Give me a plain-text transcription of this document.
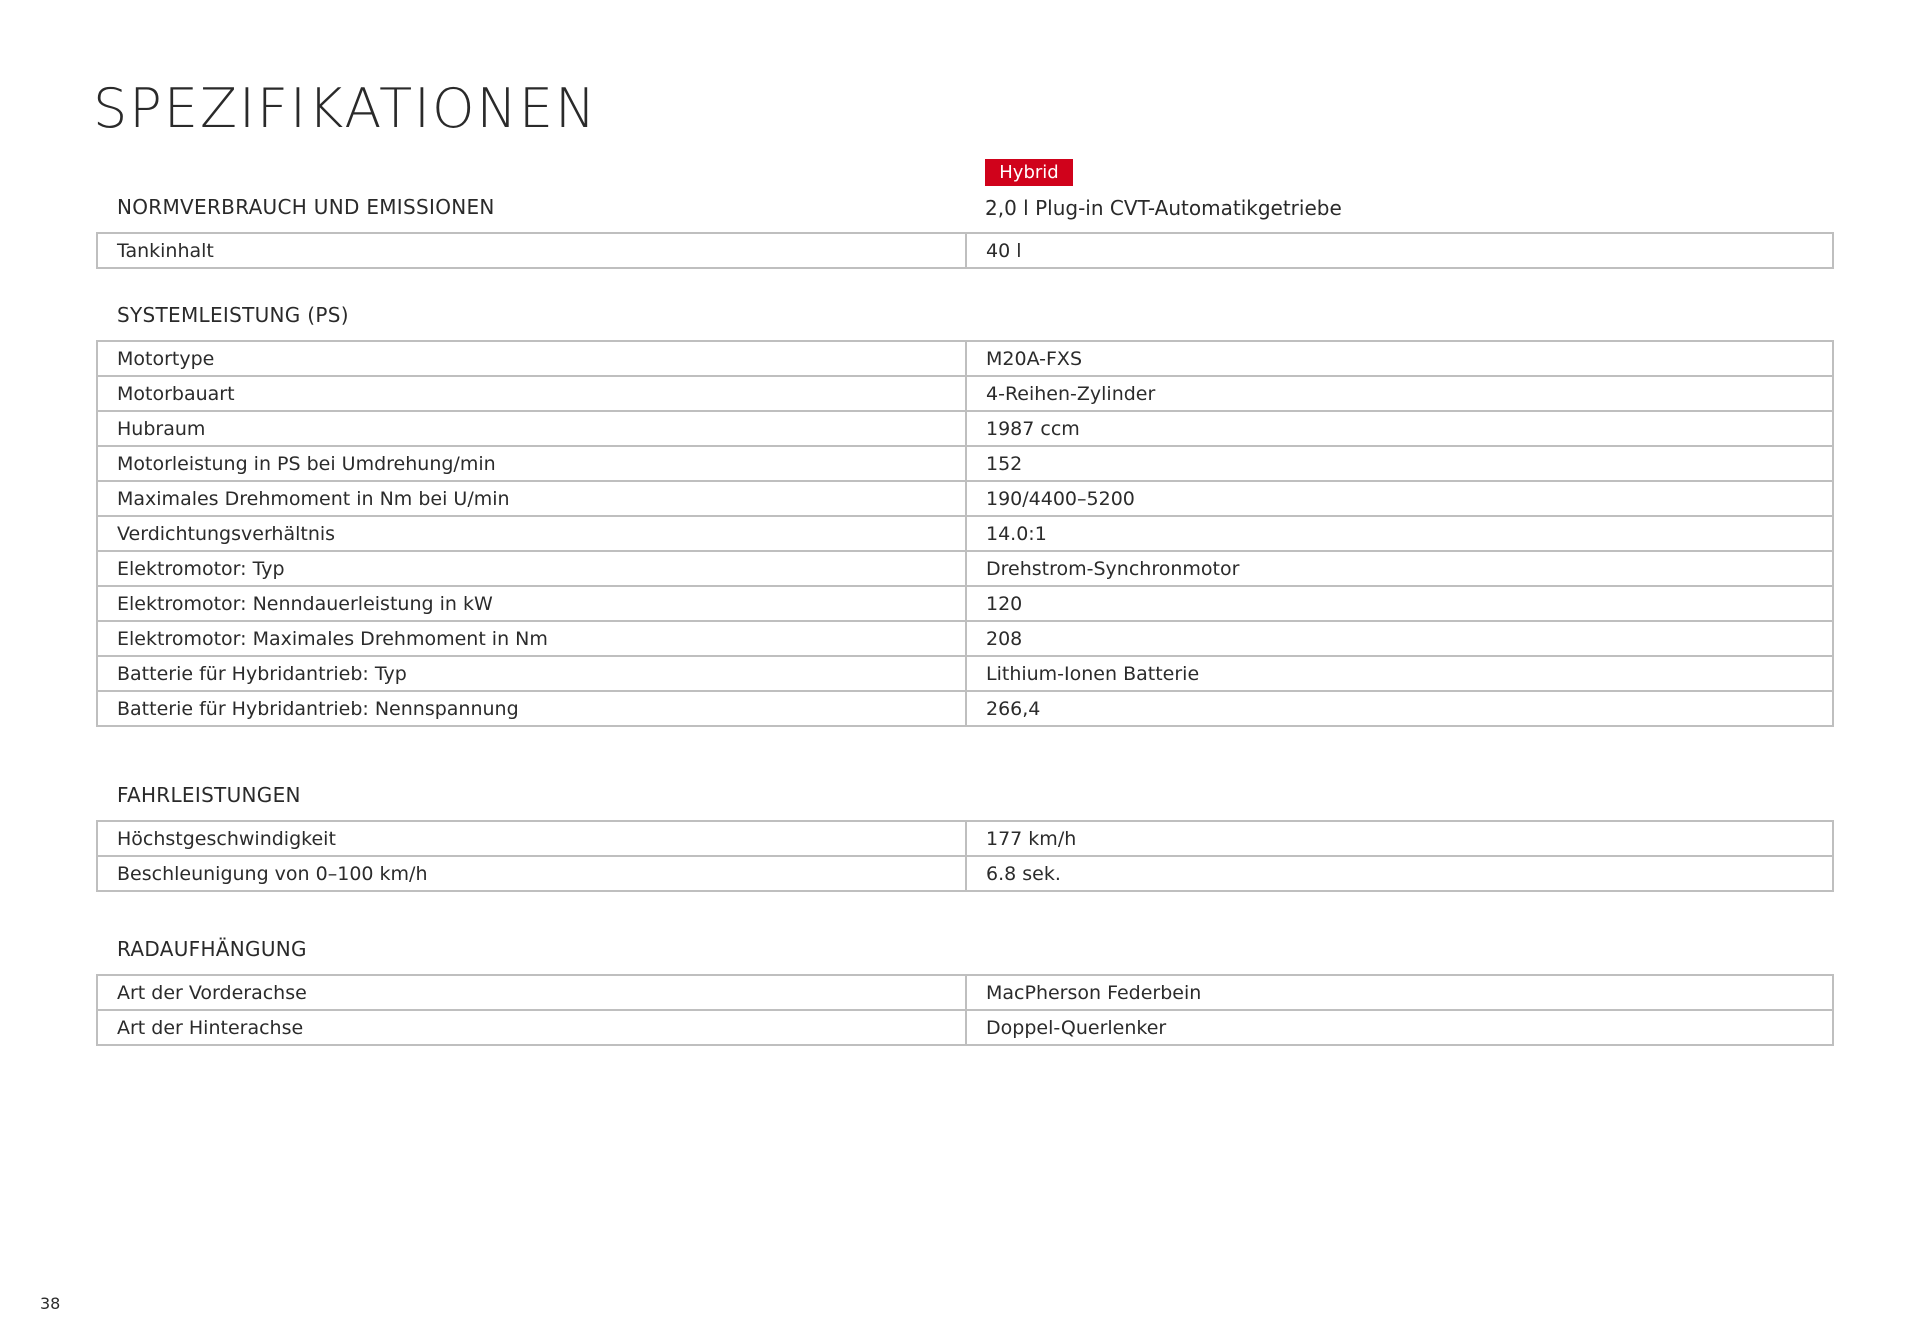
SPEZIFIKATIONEN
Hybrid
NORMVERBRAUCH UND EMISSIONEN	2,0 l Plug-in CVT-Automatikgetriebe
Tankinhalt	40 l
SYSTEMLEISTUNG (PS)
Motortype	M20A-FXS
Motorbauart	4-Reihen-Zylinder
Hubraum	1987 ccm
Motorleistung in PS bei Umdrehung/min	152
Maximales Drehmoment in Nm bei U/min	190/4400–5200
Verdichtungsverhältnis	14.0:1
Elektromotor: Typ	Drehstrom-Synchronmotor
Elektromotor: Nenndauerleistung in kW	120
Elektromotor: Maximales Drehmoment in Nm	208
Batterie für Hybridantrieb: Typ	Lithium-Ionen Batterie
Batterie für Hybridantrieb: Nennspannung	266,4
FAHRLEISTUNGEN
Höchstgeschwindigkeit	177 km/h
Beschleunigung von 0–100 km/h	6.8 sek.
RADAUFHÄNGUNG
Art der Vorderachse	MacPherson Federbein
Art der Hinterachse	Doppel-Querlenker
38
